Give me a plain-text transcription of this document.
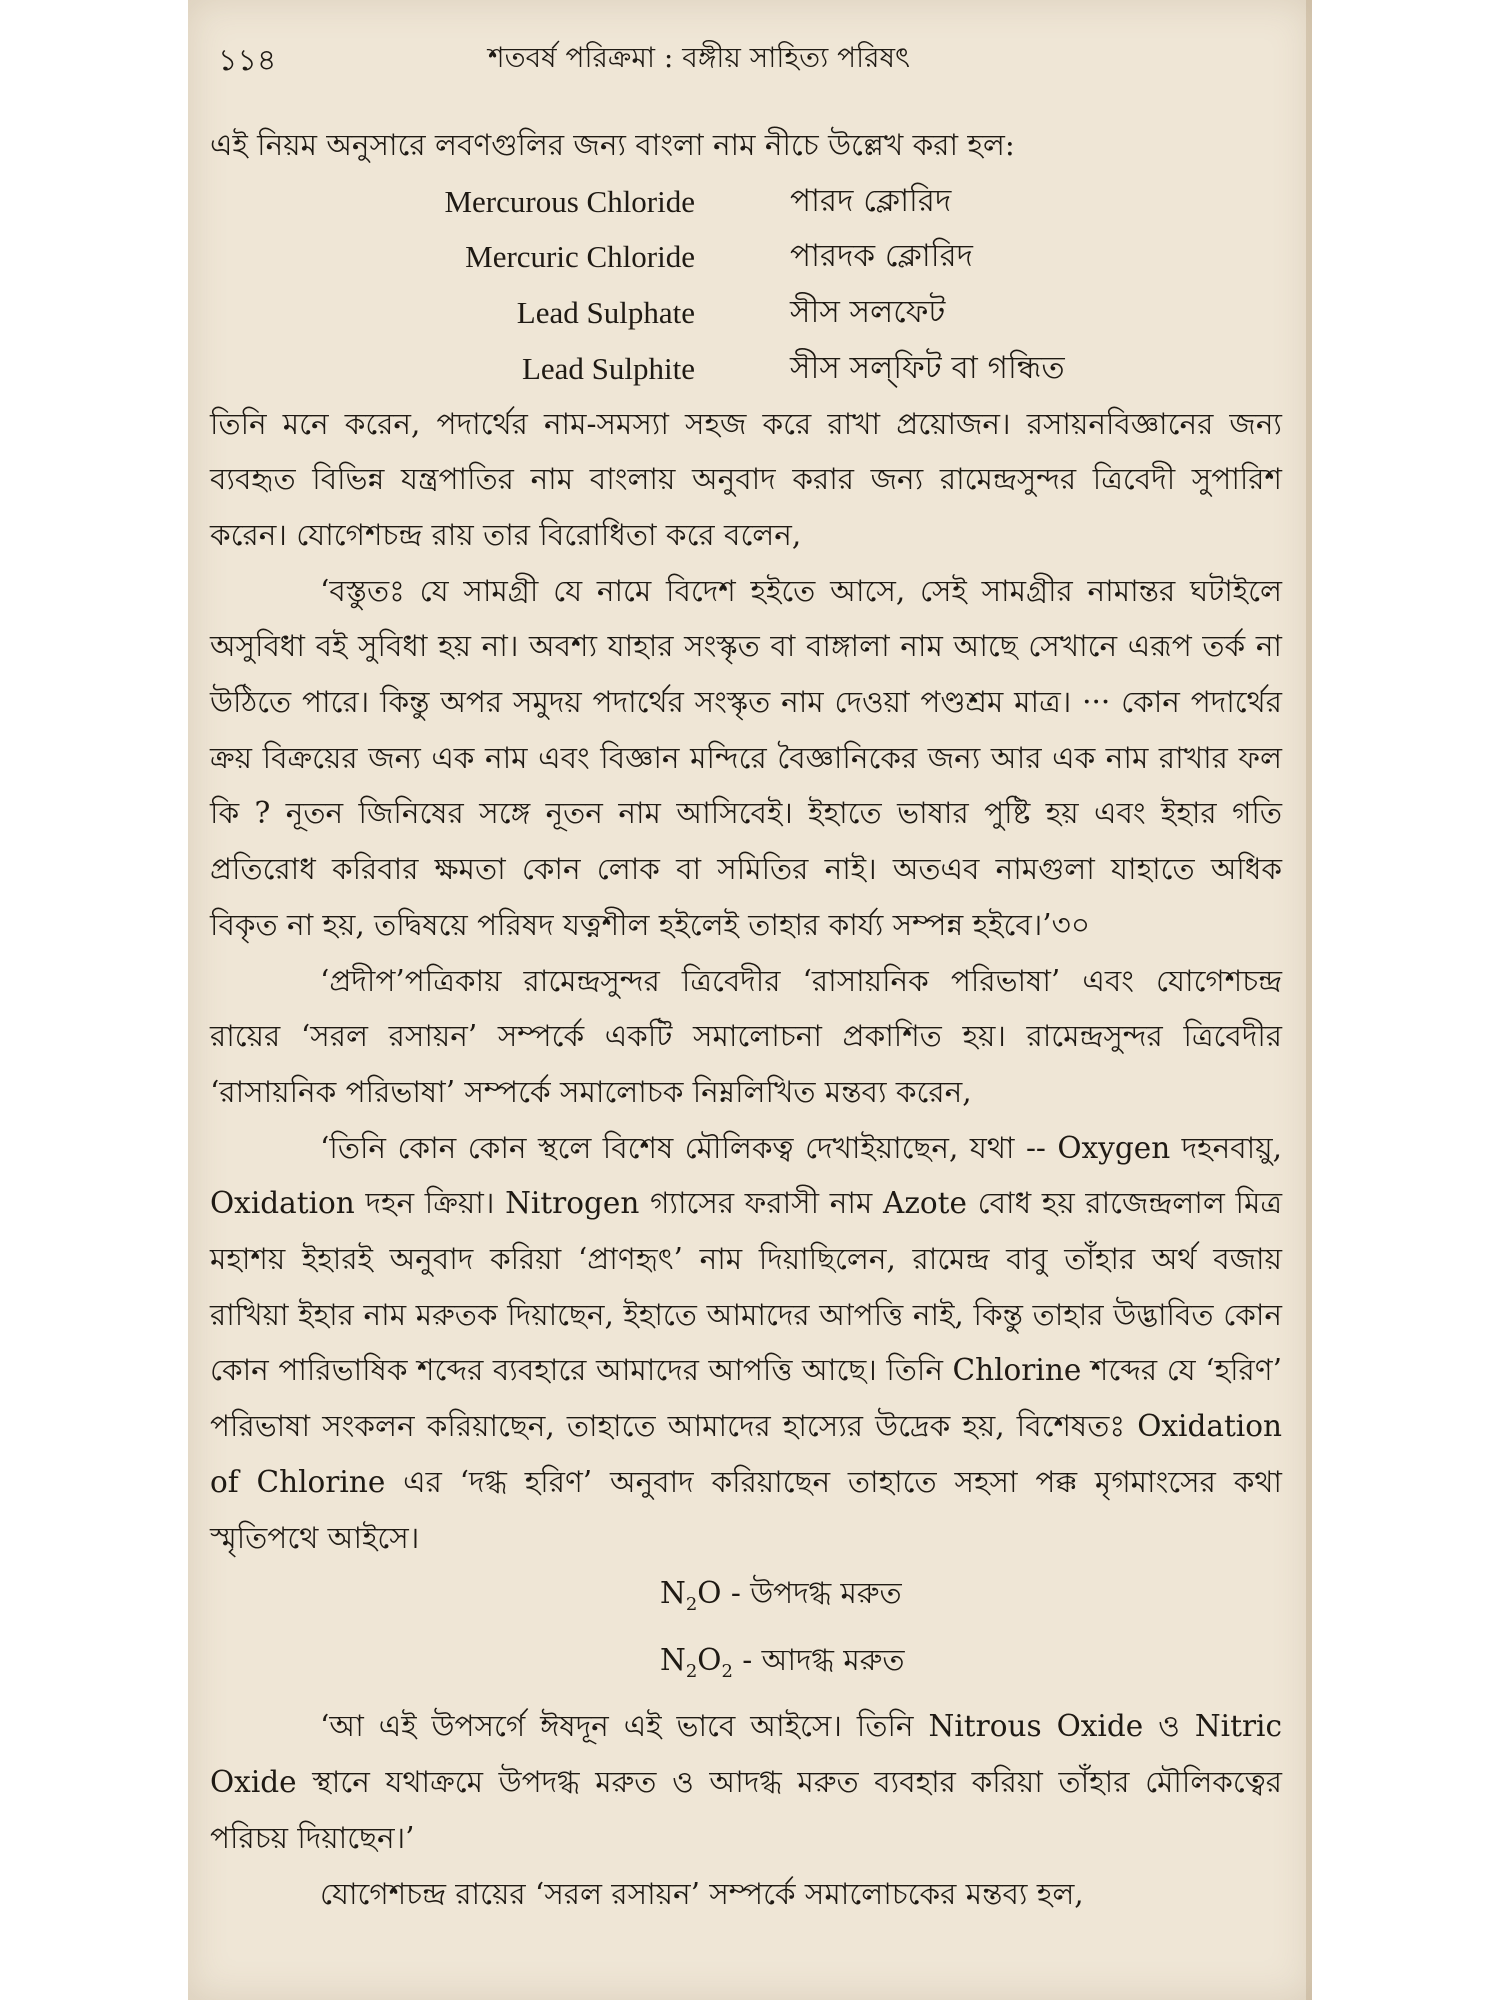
১১৪	শতবর্ষ পরিক্রমা : বঙ্গীয় সাহিত্য পরিষৎ

এই নিয়ম অনুসারে লবণগুলির জন্য বাংলা নাম নীচে উল্লেখ করা হল:

Mercurous Chloride	পারদ ক্লোরিদ
Mercuric Chloride	পারদক ক্লোরিদ
Lead Sulphate	সীস সলফেট
Lead Sulphite	সীস সল্‌ফিট বা গন্ধিত

তিনি মনে করেন, পদার্থের নাম-সমস্যা সহজ করে রাখা প্রয়োজন। রসায়নবিজ্ঞানের জন্য ব্যবহৃত বিভিন্ন যন্ত্রপাতির নাম বাংলায় অনুবাদ করার জন্য রামেন্দ্রসুন্দর ত্রিবেদী সুপারিশ করেন। যোগেশচন্দ্র রায় তার বিরোধিতা করে বলেন,

‘বস্তুতঃ যে সামগ্রী যে নামে বিদেশ হইতে আসে, সেই সামগ্রীর নামান্তর ঘটাইলে অসুবিধা বই সুবিধা হয় না। অবশ্য যাহার সংস্কৃত বা বাঙ্গালা নাম আছে সেখানে এরূপ তর্ক না উঠিতে পারে। কিন্তু অপর সমুদয় পদার্থের সংস্কৃত নাম দেওয়া পণ্ডশ্রম মাত্র। ··· কোন পদার্থের ক্রয় বিক্রয়ের জন্য এক নাম এবং বিজ্ঞান মন্দিরে বৈজ্ঞানিকের জন্য আর এক নাম রাখার ফল কি ? নূতন জিনিষের সঙ্গে নূতন নাম আসিবেই। ইহাতে ভাষার পুষ্টি হয় এবং ইহার গতি প্রতিরোধ করিবার ক্ষমতা কোন লোক বা সমিতির নাই। অতএব নামগুলা যাহাতে অধিক বিকৃত না হয়, তদ্বিষয়ে পরিষদ যত্নশীল হইলেই তাহার কার্য্য সম্পন্ন হইবে।’৩০

‘প্রদীপ’পত্রিকায় রামেন্দ্রসুন্দর ত্রিবেদীর ‘রাসায়নিক পরিভাষা’ এবং যোগেশচন্দ্র রায়ের ‘সরল রসায়ন’ সম্পর্কে একটি সমালোচনা প্রকাশিত হয়। রামেন্দ্রসুন্দর ত্রিবেদীর ‘রাসায়নিক পরিভাষা’ সম্পর্কে সমালোচক নিম্নলিখিত মন্তব্য করেন,

‘তিনি কোন কোন স্থলে বিশেষ মৌলিকত্ব দেখাইয়াছেন, যথা -- Oxygen দহনবায়ু, Oxidation দহন ক্রিয়া। Nitrogen গ্যাসের ফরাসী নাম Azote বোধ হয় রাজেন্দ্রলাল মিত্র মহাশয় ইহারই অনুবাদ করিয়া ‘প্রাণহৃৎ’ নাম দিয়াছিলেন, রামেন্দ্র বাবু তাঁহার অর্থ বজায় রাখিয়া ইহার নাম মরুতক দিয়াছেন, ইহাতে আমাদের আপত্তি নাই, কিন্তু তাহার উদ্ভাবিত কোন কোন পারিভাষিক শব্দের ব্যবহারে আমাদের আপত্তি আছে। তিনি Chlorine শব্দের যে ‘হরিণ’ পরিভাষা সংকলন করিয়াছেন, তাহাতে আমাদের হাস্যের উদ্রেক হয়, বিশেষতঃ Oxidation of Chlorine এর ‘দগ্ধ হরিণ’ অনুবাদ করিয়াছেন তাহাতে সহসা পক্ক মৃগমাংসের কথা স্মৃতিপথে আইসে।

$N_2O$ - উপদগ্ধ মরুত

$N_2O_2$ - আদগ্ধ মরুত

‘আ এই উপসর্গে ঈষদূন এই ভাবে আইসে। তিনি Nitrous Oxide ও Nitric Oxide স্থানে যথাক্রমে উপদগ্ধ মরুত ও আদগ্ধ মরুত ব্যবহার করিয়া তাঁহার মৌলিকত্বের পরিচয় দিয়াছেন।’

যোগেশচন্দ্র রায়ের ‘সরল রসায়ন’ সম্পর্কে সমালোচকের মন্তব্য হল,
